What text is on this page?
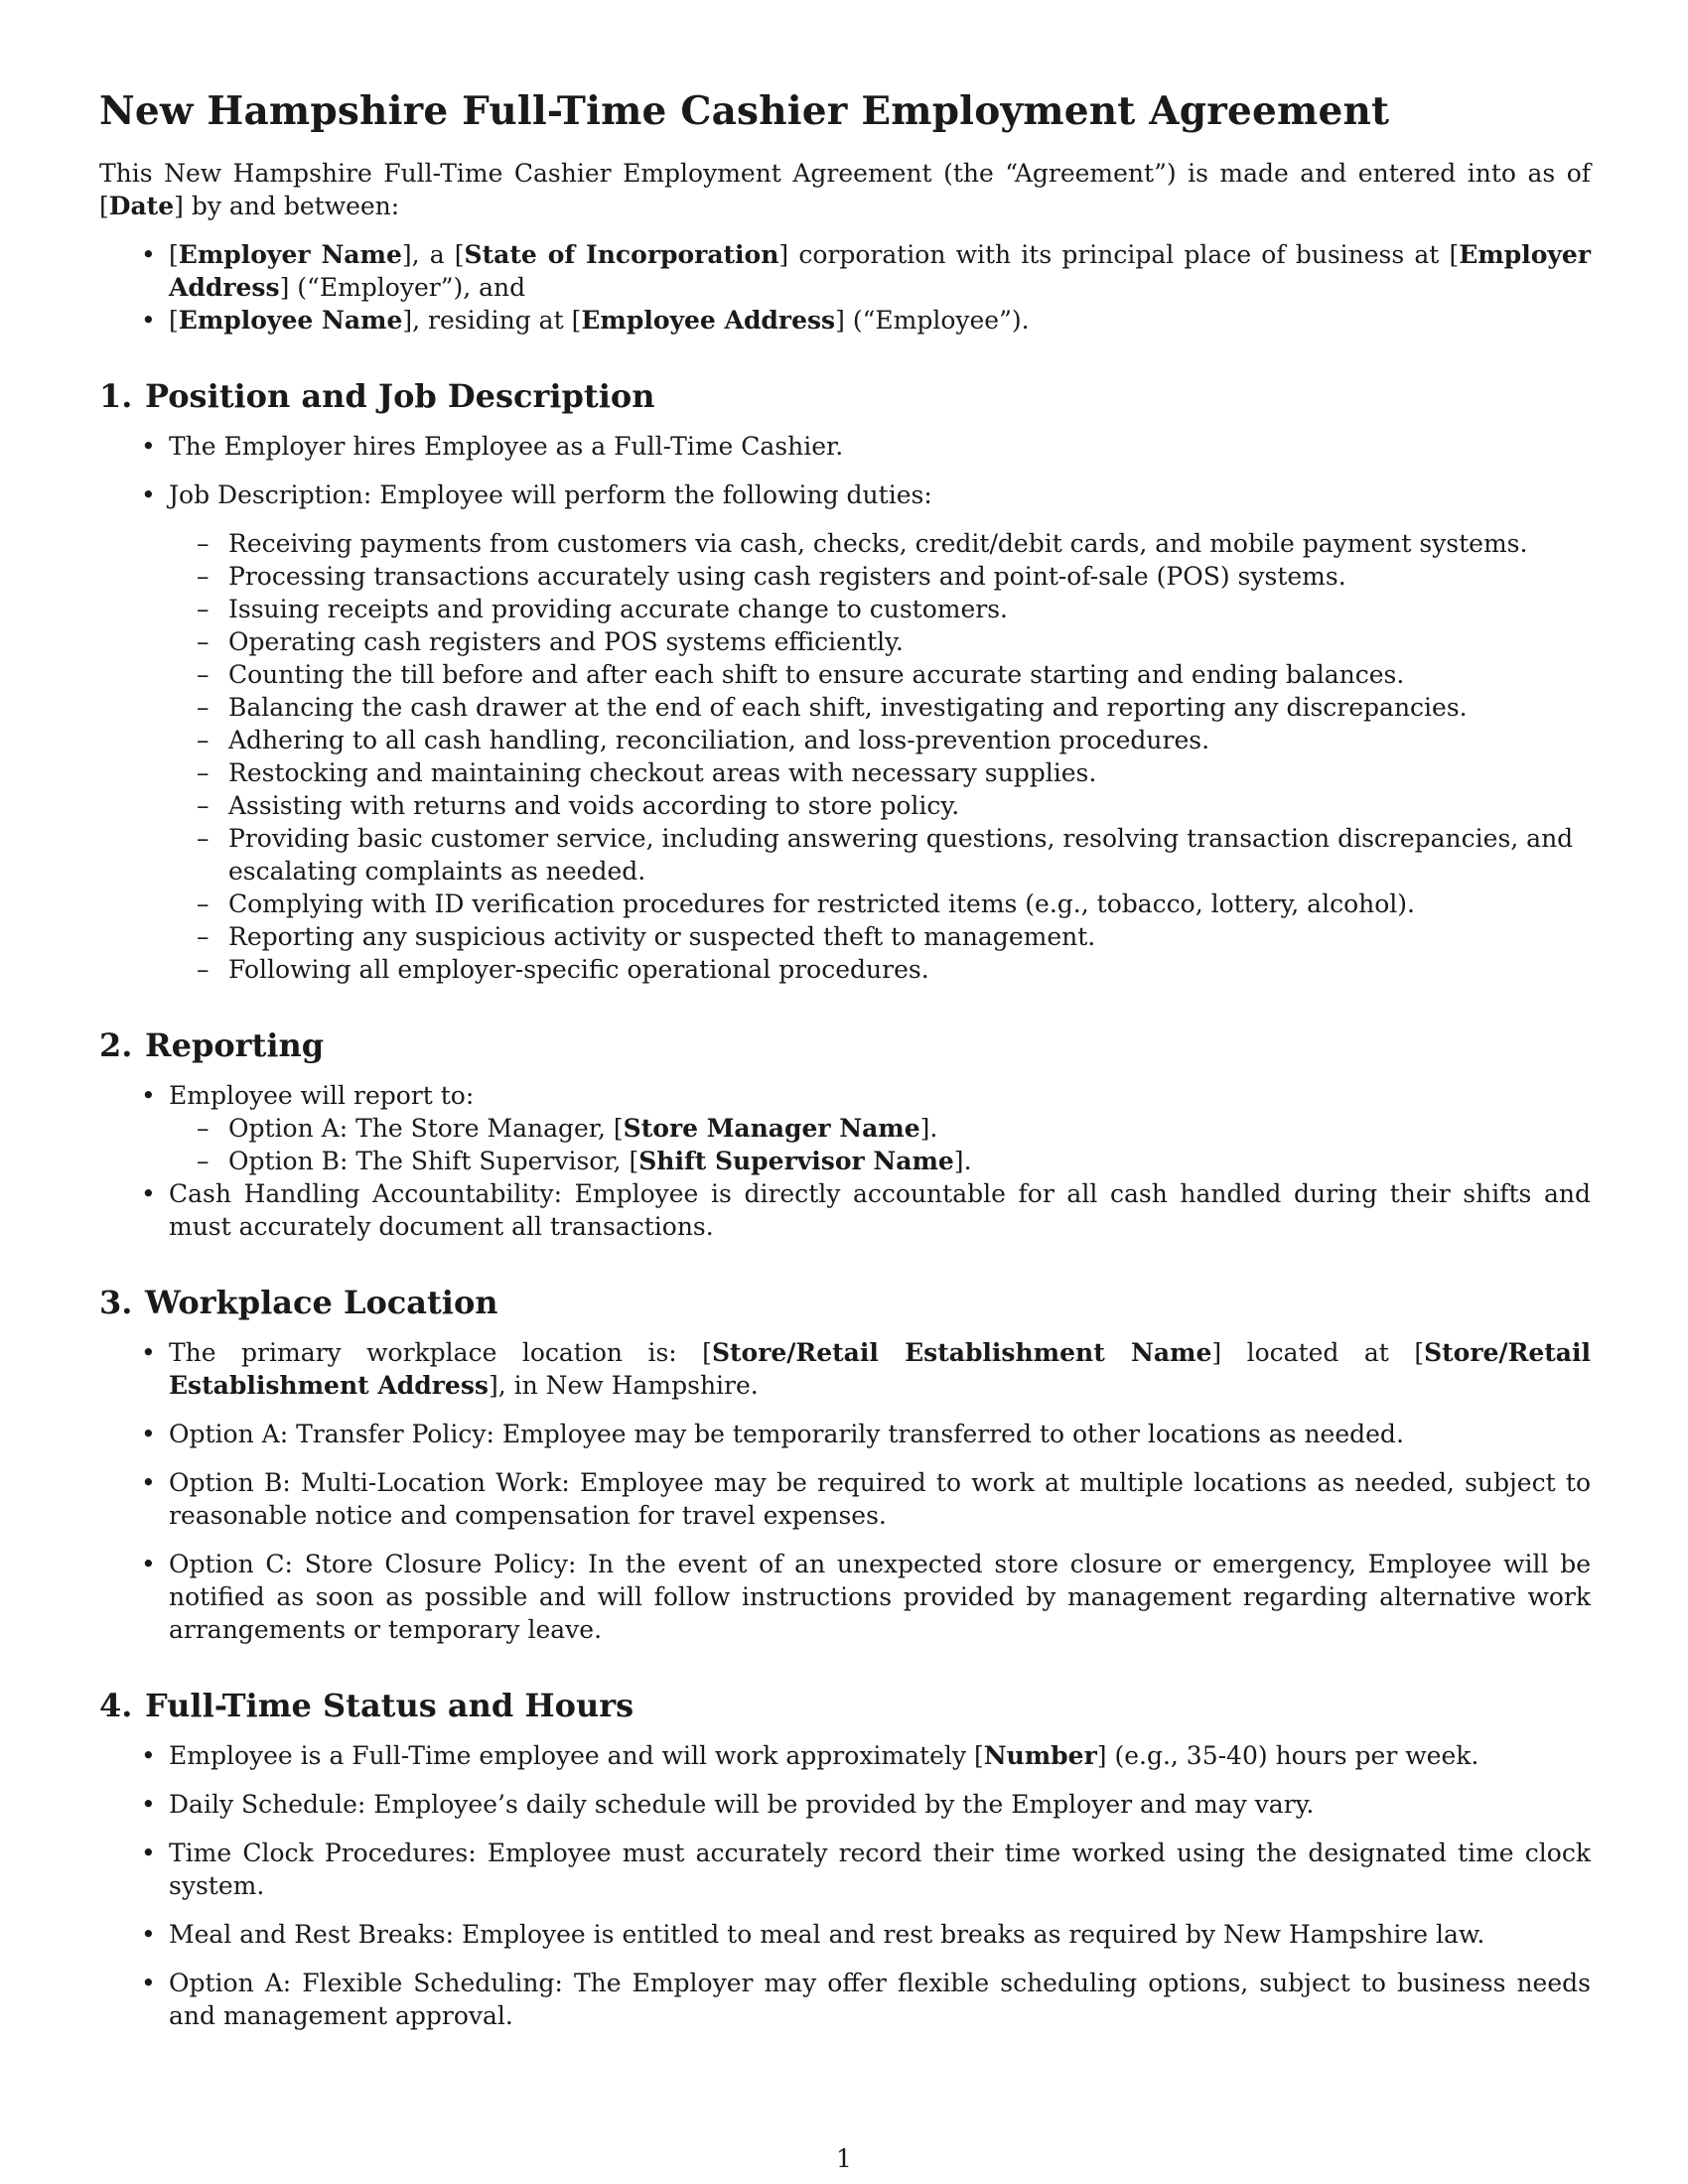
New Hampshire Full-Time Cashier Employment Agreement

This New Hampshire Full-Time Cashier Employment Agreement (the “Agreement”) is made and entered into as of [Date] by and between:

• [Employer Name], a [State of Incorporation] corporation with its principal place of business at [Employer Address] (“Employer”), and
• [Employee Name], residing at [Employee Address] (“Employee”).
1. Position and Job Description
• The Employer hires Employee as a Full-Time Cashier.
• Job Description: Employee will perform the following duties:
– Receiving payments from customers via cash, checks, credit/debit cards, and mobile payment systems.
– Processing transactions accurately using cash registers and point-of-sale (POS) systems.
– Issuing receipts and providing accurate change to customers.
– Operating cash registers and POS systems efficiently.
– Counting the till before and after each shift to ensure accurate starting and ending balances.
– Balancing the cash drawer at the end of each shift, investigating and reporting any discrepancies.
– Adhering to all cash handling, reconciliation, and loss-prevention procedures.
– Restocking and maintaining checkout areas with necessary supplies.
– Assisting with returns and voids according to store policy.
– Providing basic customer service, including answering questions, resolving transaction discrepancies, and escalating complaints as needed.
– Complying with ID verification procedures for restricted items (e.g., tobacco, lottery, alcohol).
– Reporting any suspicious activity or suspected theft to management.
– Following all employer-specific operational procedures.
2. Reporting
• Employee will report to:
– Option A: The Store Manager, [Store Manager Name].
– Option B: The Shift Supervisor, [Shift Supervisor Name].
• Cash Handling Accountability: Employee is directly accountable for all cash handled during their shifts and must accurately document all transactions.
3. Workplace Location
• The primary workplace location is: [Store/Retail Establishment Name] located at [Store/Retail Establishment Address], in New Hampshire.
• Option A: Transfer Policy: Employee may be temporarily transferred to other locations as needed.
• Option B: Multi-Location Work: Employee may be required to work at multiple locations as needed, subject to reasonable notice and compensation for travel expenses.
• Option C: Store Closure Policy: In the event of an unexpected store closure or emergency, Employee will be notified as soon as possible and will follow instructions provided by management regarding alternative work arrangements or temporary leave.
4. Full-Time Status and Hours
• Employee is a Full-Time employee and will work approximately [Number] (e.g., 35-40) hours per week.
• Daily Schedule: Employee’s daily schedule will be provided by the Employer and may vary.
• Time Clock Procedures: Employee must accurately record their time worked using the designated time clock system.
• Meal and Rest Breaks: Employee is entitled to meal and rest breaks as required by New Hampshire law.
• Option A: Flexible Scheduling: The Employer may offer flexible scheduling options, subject to business needs and management approval.
1
